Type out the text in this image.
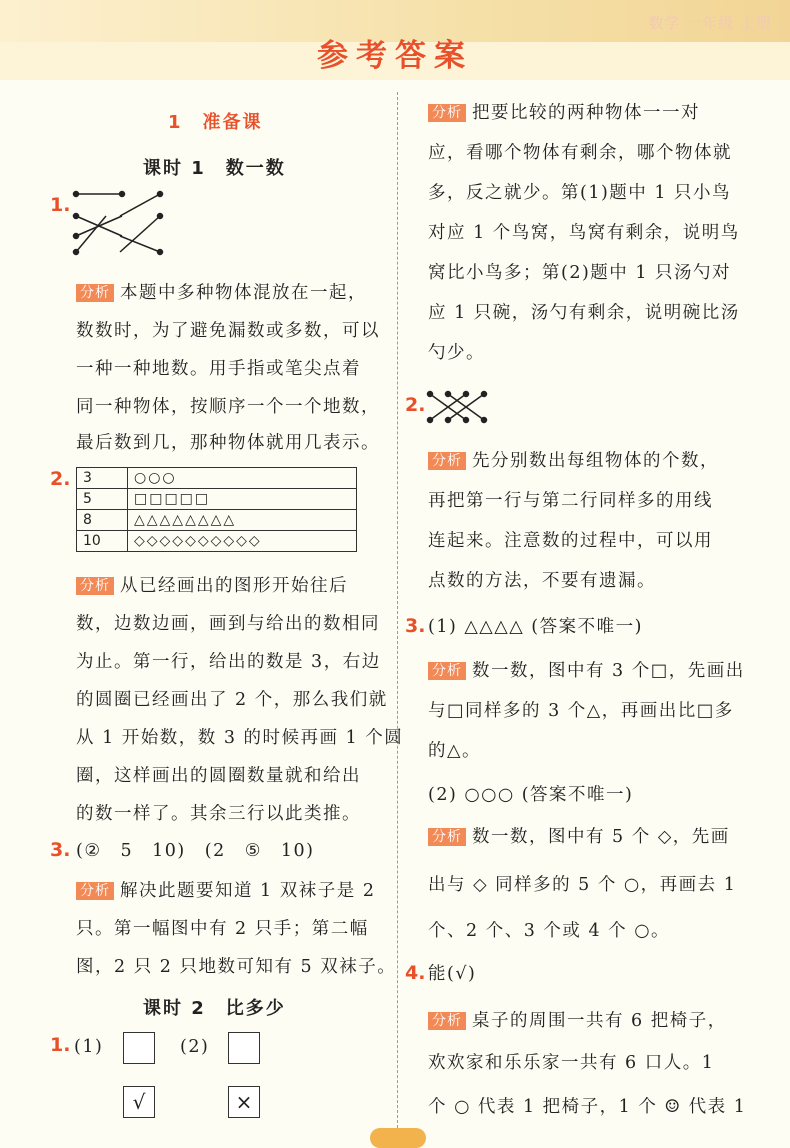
数学 一年级 上册
参考答案
1　准备课
课时 1　数一数
1.
分析 本题中多种物体混放在一起，
数数时，为了避免漏数或多数，可以
一种一种地数。用手指或笔尖点着
同一种物体，按顺序一个一个地数，
最后数到几，那种物体就用几表示。
2. 3	○○○
5	□□□□□
8	△△△△△△△△
10	◇◇◇◇◇◇◇◇◇◇
分析 从已经画出的图形开始往后
数，边数边画，画到与给出的数相同
为止。第一行，给出的数是 3，右边
的圆圈已经画出了 2 个，那么我们就
从 1 开始数，数 3 的时候再画 1 个圆
圈，这样画出的圆圈数量就和给出
的数一样了。其余三行以此类推。
3. (②　5　10)　(2　⑤　10)
分析 解决此题要知道 1 双袜子是 2
只。第一幅图中有 2 只手；第二幅
图，2 只 2 只地数可知有 5 双袜子。
课时 2　比多少
1. (1)	(2)
√	×
分析 把要比较的两种物体一一对
应，看哪个物体有剩余，哪个物体就
多，反之就少。第(1)题中 1 只小鸟
对应 1 个鸟窝，鸟窝有剩余，说明鸟
窝比小鸟多；第(2)题中 1 只汤勺对
应 1 只碗，汤勺有剩余，说明碗比汤
勺少。
2.
分析 先分别数出每组物体的个数，
再把第一行与第二行同样多的用线
连起来。注意数的过程中，可以用
点数的方法，不要有遗漏。
3. (1) △△△△ (答案不唯一)
分析 数一数，图中有 3 个□，先画出
与□同样多的 3 个△，再画出比□多
的△。
(2) ○○○ (答案不唯一)
分析 数一数，图中有 5 个 ◇，先画
出与 ◇ 同样多的 5 个 ○，再画去 1
个、2 个、3 个或 4 个 ○。
4. 能(√)
分析 桌子的周围一共有 6 把椅子，
欢欢家和乐乐家一共有 6 口人。1
个 ○ 代表 1 把椅子，1 个 ☺ 代表 1
